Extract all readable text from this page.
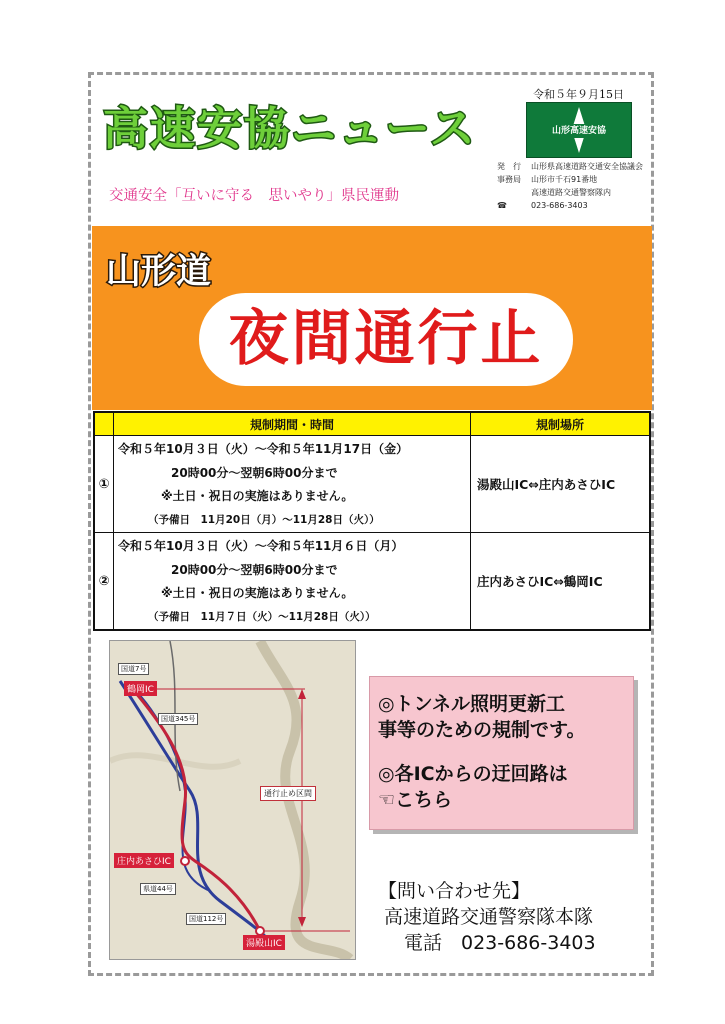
令和５年９月15日
高速安協ニュース	山形高速安協
発　行	山形県高速道路交通安全協議会
事務局	山形市千石91番地
高速道路交通警察隊内
☎	023-686-3403
交通安全「互いに守る　思いやり」県民運動
山形道
夜間通行止
	規制期間・時間	規制場所
①	令和５年10月３日（火）～令和５年11月17日（金）
20時00分～翌朝6時00分まで
※土日・祝日の実施はありません。
（予備日　11月20日（月）～11月28日（火））	湯殿山IC⇔庄内あさひIC
②	令和５年10月３日（火）～令和５年11月６日（月）
20時00分～翌朝6時00分まで
※土日・祝日の実施はありません。
（予備日　11月７日（火）～11月28日（火））	庄内あさひIC⇔鶴岡IC
国道7号
国道345号
県道44号
国道112号
鶴岡IC
庄内あさひIC
湯殿山IC
通行止め区間
◎トンネル照明更新工
事等のための規制です。
◎各ICからの迂回路は
☜こちら
【問い合わせ先】
高速道路交通警察隊本隊
電話　023-686-3403
